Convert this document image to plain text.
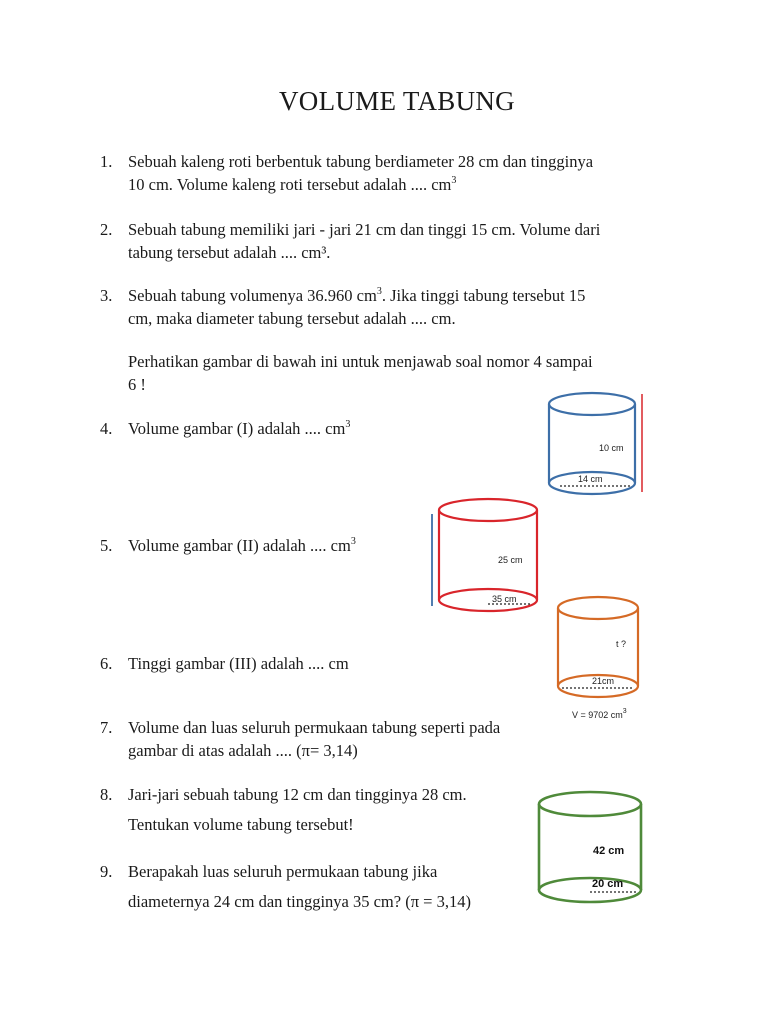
VOLUME TABUNG
1. Sebuah kaleng roti berbentuk tabung berdiameter 28 cm dan tingginya
10 cm. Volume kaleng roti tersebut adalah .... $cm^3$
2. Sebuah tabung memiliki jari - jari 21 cm dan tinggi 15 cm. Volume dari
tabung tersebut adalah .... cm³.
3. Sebuah tabung volumenya 36.960 $cm^3$. Jika tinggi tabung tersebut 15
cm, maka diameter tabung tersebut adalah .... cm.
Perhatikan gambar di bawah ini untuk menjawab soal nomor 4 sampai
6 !
4. Volume gambar (I) adalah .... $cm^3$
5. Volume gambar (II) adalah .... $cm^3$
6. Tinggi gambar (III) adalah .... cm
7. Volume dan luas seluruh permukaan tabung seperti pada
gambar di atas adalah .... (π= 3,14)
8. Jari-jari sebuah tabung 12 cm dan tingginya 28 cm.
Tentukan volume tabung tersebut!
9. Berapakah luas seluruh permukaan tabung jika
diameternya 24 cm dan tingginya 35 cm? (π = 3,14)
10 cm
14 cm
25 cm
35 cm
t ?
21cm
V = 9702 $cm^3$
42 cm
20 cm
